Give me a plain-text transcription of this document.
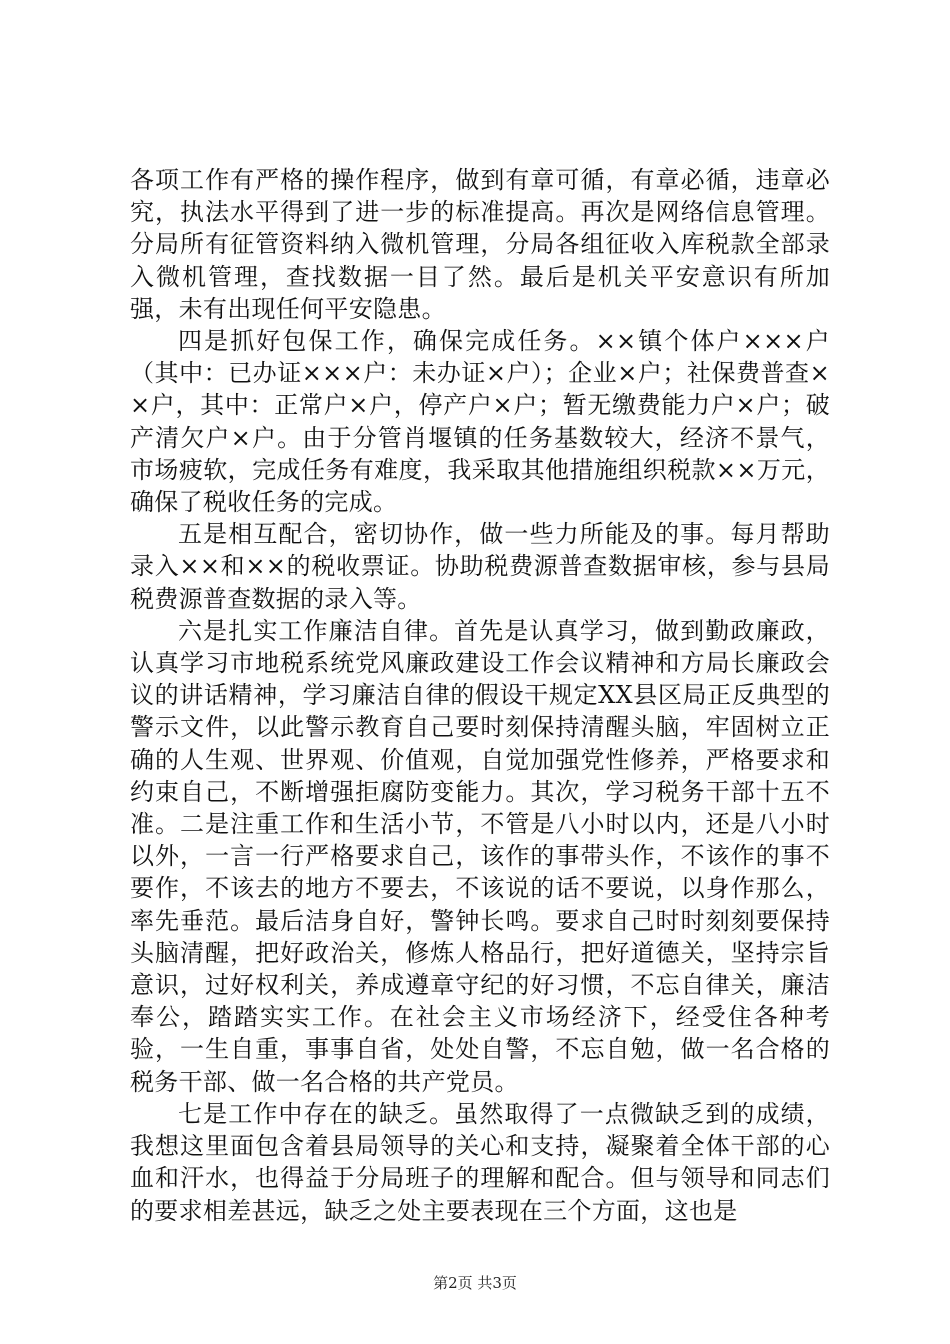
各项工作有严格的操作程序，做到有章可循，有章必循，违章必究，执法水平得到了进一步的标准提高。再次是网络信息管理。分局所有征管资料纳入微机管理，分局各组征收入库税款全部录入微机管理，查找数据一目了然。最后是机关平安意识有所加强，未有出现任何平安隐患。

四是抓好包保工作，确保完成任务。××镇个体户×××户（其中：已办证×××户：未办证×户）；企业×户；社保费普查××户，其中：正常户×户，停产户×户；暂无缴费能力户×户；破产清欠户×户。由于分管肖堰镇的任务基数较大，经济不景气，市场疲软，完成任务有难度，我采取其他措施组织税款××万元，确保了税收任务的完成。

五是相互配合，密切协作，做一些力所能及的事。每月帮助录入××和××的税收票证。协助税费源普查数据审核，参与县局税费源普查数据的录入等。

六是扎实工作廉洁自律。首先是认真学习，做到勤政廉政，认真学习市地税系统党风廉政建设工作会议精神和方局长廉政会议的讲话精神，学习廉洁自律的假设干规定XX县区局正反典型的警示文件，以此警示教育自己要时刻保持清醒头脑，牢固树立正确的人生观、世界观、价值观，自觉加强党性修养，严格要求和约束自己，不断增强拒腐防变能力。其次，学习税务干部十五不准。二是注重工作和生活小节，不管是八小时以内，还是八小时以外，一言一行严格要求自己，该作的事带头作，不该作的事不要作，不该去的地方不要去，不该说的话不要说，以身作那么，率先垂范。最后洁身自好，警钟长鸣。要求自己时时刻刻要保持头脑清醒，把好政治关，修炼人格品行，把好道德关，坚持宗旨意识，过好权利关，养成遵章守纪的好习惯，不忘自律关，廉洁奉公，踏踏实实工作。在社会主义市场经济下，经受住各种考验，一生自重，事事自省，处处自警，不忘自勉，做一名合格的税务干部、做一名合格的共产党员。

七是工作中存在的缺乏。虽然取得了一点微缺乏到的成绩，我想这里面包含着县局领导的关心和支持，凝聚着全体干部的心血和汗水，也得益于分局班子的理解和配合。但与领导和同志们的要求相差甚远，缺乏之处主要表现在三个方面，这也是

第2页 共3页
